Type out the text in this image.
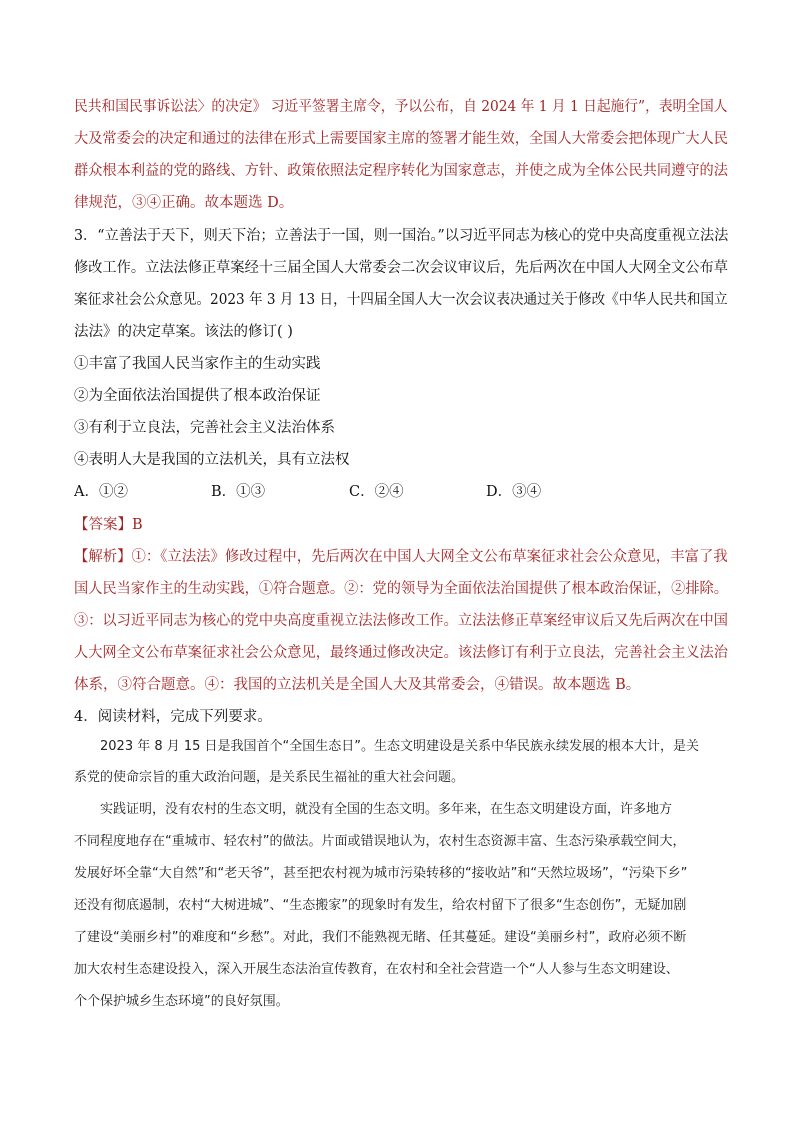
民共和国民事诉讼法〉的决定》 习近平签署主席令，予以公布，自 2024 年 1 月 1 日起施行”，表明全国人
大及常委会的决定和通过的法律在形式上需要国家主席的签署才能生效，全国人大常委会把体现广大人民
群众根本利益的党的路线、方针、政策依照法定程序转化为国家意志，并使之成为全体公民共同遵守的法
律规范，③④正确。故本题选 D。
3．“立善法于天下，则天下治；立善法于一国，则一国治。”以习近平同志为核心的党中央高度重视立法法
修改工作。立法法修正草案经十三届全国人大常委会二次会议审议后，先后两次在中国人大网全文公布草
案征求社会公众意见。2023 年 3 月 13 日，十四届全国人大一次会议表决通过关于修改《中华人民共和国立
法法》的决定草案。该法的修订( )
①丰富了我国人民当家作主的生动实践
②为全面依法治国提供了根本政治保证
③有利于立良法，完善社会主义法治体系
④表明人大是我国的立法机关，具有立法权
A．①②	B．①③	C．②④	D．③④
【答案】B
【解析】①：《立法法》修改过程中，先后两次在中国人大网全文公布草案征求社会公众意见，丰富了我
国人民当家作主的生动实践，①符合题意。②：党的领导为全面依法治国提供了根本政治保证，②排除。
③：以习近平同志为核心的党中央高度重视立法法修改工作。立法法修正草案经审议后又先后两次在中国
人大网全文公布草案征求社会公众意见，最终通过修改决定。该法修订有利于立良法，完善社会主义法治
体系，③符合题意。④：我国的立法机关是全国人大及其常委会，④错误。故本题选 B。
4．阅读材料，完成下列要求。
2023 年 8 月 15 日是我国首个“全国生态日”。生态文明建设是关系中华民族永续发展的根本大计，是关
系党的使命宗旨的重大政治问题，是关系民生福祉的重大社会问题。
实践证明，没有农村的生态文明，就没有全国的生态文明。多年来，在生态文明建设方面，许多地方
不同程度地存在“重城市、轻农村”的做法。片面或错误地认为，农村生态资源丰富、生态污染承载空间大，
发展好坏全靠“大自然”和“老天爷”，甚至把农村视为城市污染转移的“接收站”和“天然垃圾场”，“污染下乡”
还没有彻底遏制，农村“大树进城”、“生态搬家”的现象时有发生，给农村留下了很多“生态创伤”，无疑加剧
了建设“美丽乡村”的难度和“乡愁”。对此，我们不能熟视无睹、任其蔓延。建设“美丽乡村”，政府必须不断
加大农村生态建设投入，深入开展生态法治宣传教育，在农村和全社会营造一个“人人参与生态文明建设、
个个保护城乡生态环境”的良好氛围。
